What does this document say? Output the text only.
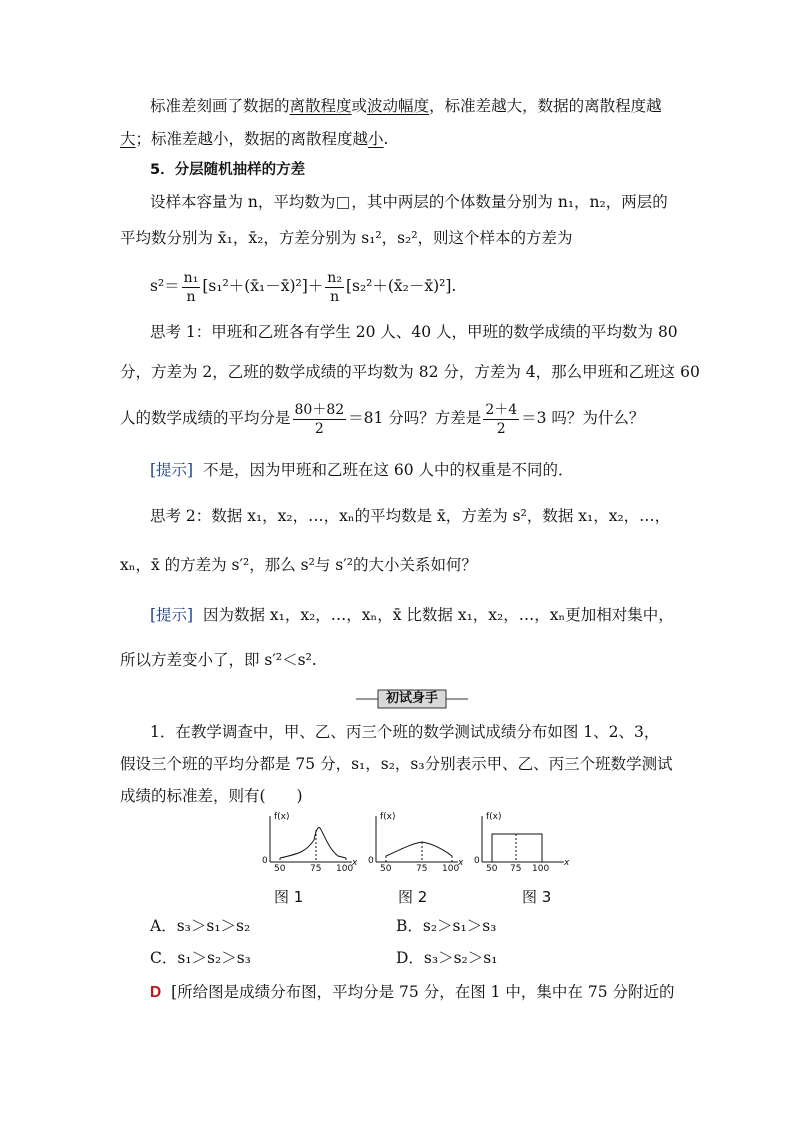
标准差刻画了数据的离散程度或波动幅度，标准差越大，数据的离散程度越
大；标准差越小，数据的离散程度越小.
5．分层随机抽样的方差
设样本容量为 n，平均数为 ，其中两层的个体数量分别为 n₁，n₂，两层的
平均数分别为 x̄₁，x̄₂，方差分别为 s₁²，s₂²，则这个样本的方差为
$s^2= \frac{\text{n₁}}{n}$ [s₁²＋(x̄₁－x̄)²]＋ $\frac{\text{n₂}}{n}$ [s₂²＋(x̄₂－x̄)²].
思考 1：甲班和乙班各有学生 20 人、40 人，甲班的数学成绩的平均数为 80
分，方差为 2，乙班的数学成绩的平均数为 82 分，方差为 4，那么甲班和乙班这 60
人的数学成绩的平均分是 $\frac{80+82}{2} =81$ 分吗？方差是 $\frac{2+4}{2} =3$ 吗？为什么？
[提示] 不是，因为甲班和乙班在这 60 人中的权重是不同的．
思考 2：数据 x₁，x₂，…，xₙ的平均数是 x̄，方差为 s²，数据 x₁，x₂，…，
xₙ，x̄ 的方差为 s′²，那么 s²与 s′²的大小关系如何？
[提示] 因为数据 x₁，x₂，…，xₙ，x̄ 比数据 x₁，x₂，…，xₙ更加相对集中，
所以方差变小了，即 s′²＜s².
初试身手
1．在教学调查中，甲、乙、丙三个班的数学测试成绩分布如图 1、2、3，
假设三个班的平均分都是 75 分，s₁，s₂，s₃分别表示甲、乙、丙三个班数学测试
成绩的标准差，则有(　　)
f(x)
0
50	75 100
x
f(x)
0
50	75 100
x
f(x)
0
50 75 100
x
图 1	图 2	图 3
A．s₃＞s₁＞s₂	B．s₂＞s₁＞s₃
C．s₁＞s₂＞s₃	D．s₃＞s₂＞s₁
D [所给图是成绩分布图，平均分是 75 分，在图 1 中，集中在 75 分附近的
